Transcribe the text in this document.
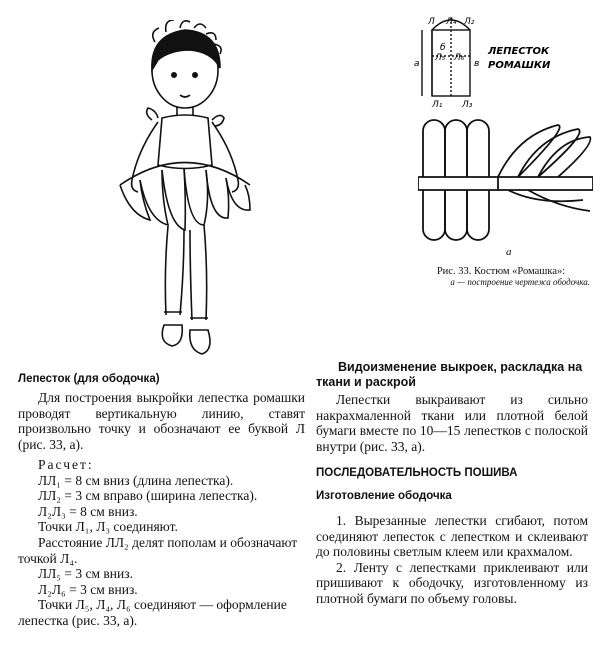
Л Л₄ Л₂
Л₅ Л₆
Л₁ Л₃
а
б
в
ЛЕПЕСТОК
РОМАШКИ
а
Рис. 33. Костюм «Ромашка»:
а — построение чертежа ободочка.
Лепесток (для ободочка)

Для построения выкройки лепестка ромашки проводят вертикальную линию, ставят произвольно точку и обозначают ее буквой Л (рис. 33, а).

Расчет:

ЛЛ₁ = 8 см вниз (длина лепестка).

ЛЛ₂ = 3 см вправо (ширина лепестка).

Л₂Л₃ = 8 см вниз.

Точки Л₁, Л₃ соединяют.

Расстояние ЛЛ₂ делят пополам и обозначают точкой Л₄.

ЛЛ₅ = 3 см вниз.

Л₂Л₆ = 3 см вниз.

Точки Л₅, Л₄, Л₆ соединяют — оформление лепестка (рис. 33, а).

Видоизменение выкроек, раскладка на ткани и раскрой

Лепестки выкраивают из сильно накрахмаленной ткани или плотной белой бумаги вместе по 10—15 лепестков с полоской внутри (рис. 33, а).

ПОСЛЕДОВАТЕЛЬНОСТЬ ПОШИВА
Изготовление ободочка

1. Вырезанные лепестки сгибают, потом соединяют лепесток с лепестком и склеивают до половины светлым клеем или крахмалом.

2. Ленту с лепестками приклеивают или пришивают к ободочку, изготовленному из плотной бумаги по объему головы.
